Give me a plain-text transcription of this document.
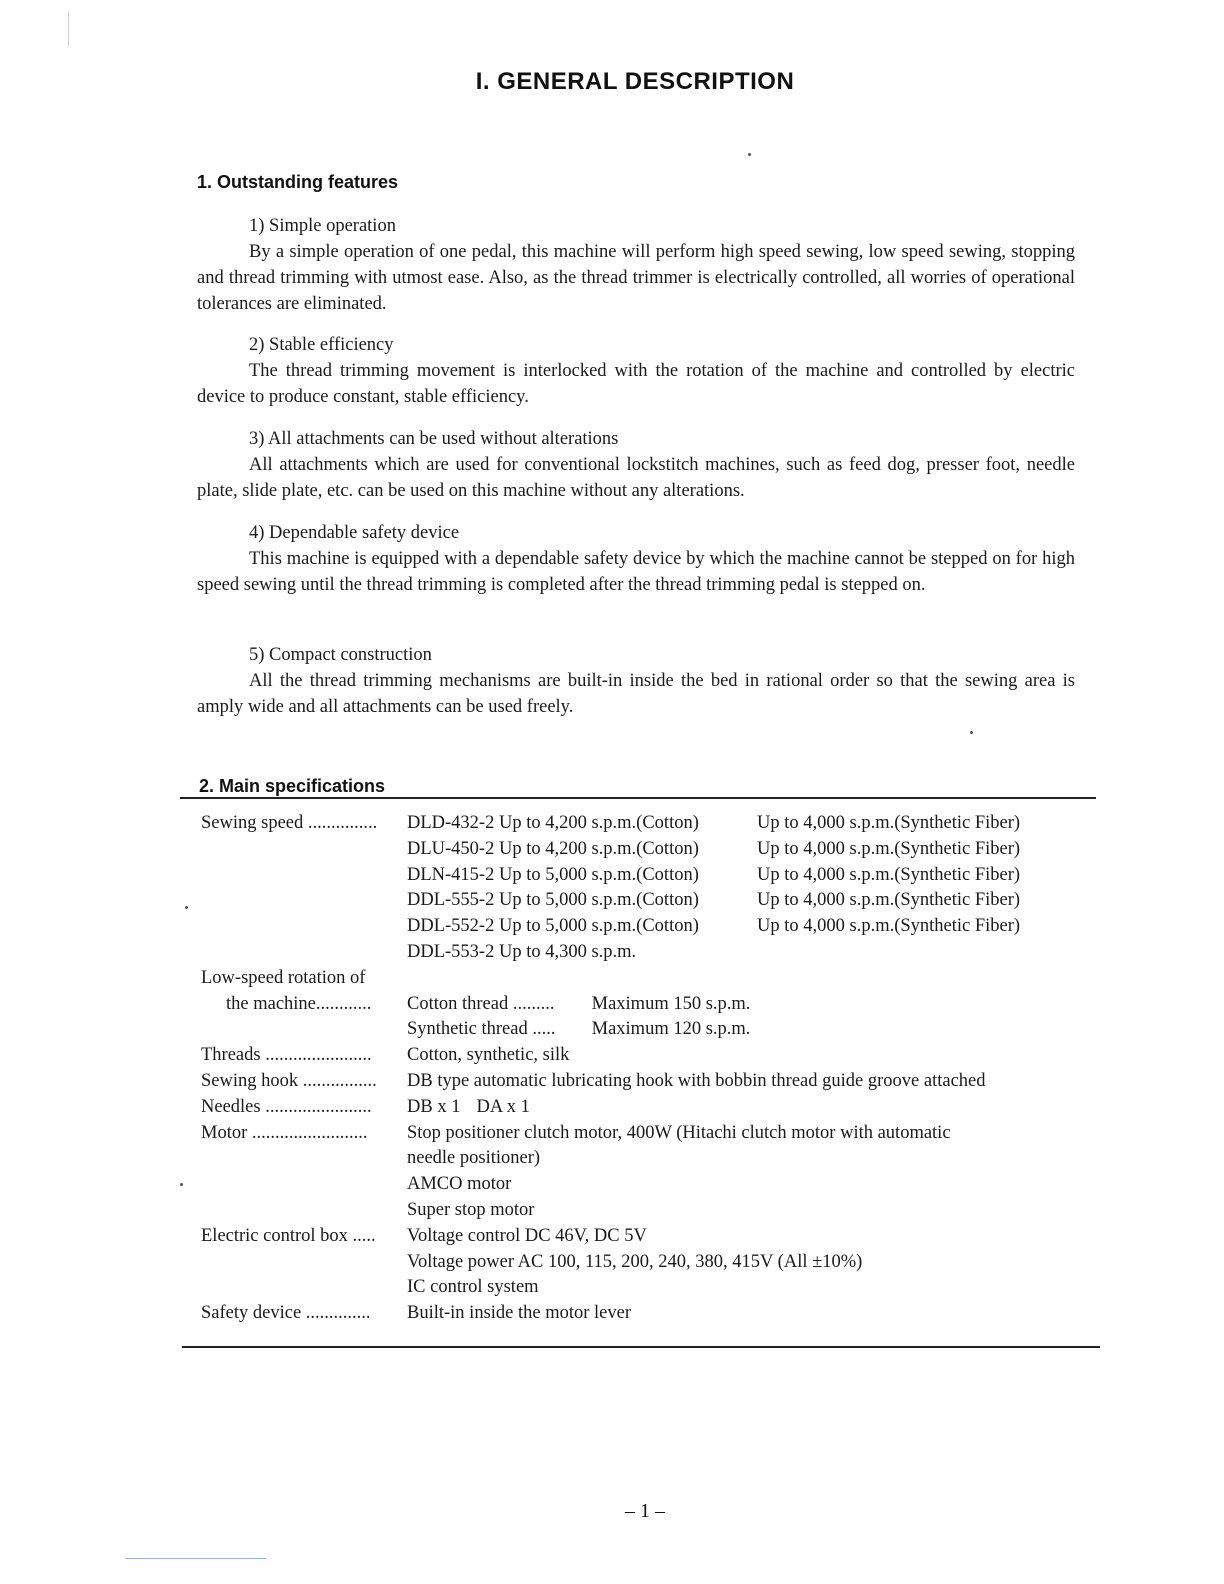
I. GENERAL DESCRIPTION
1. Outstanding features
1) Simple operation
By a simple operation of one pedal, this machine will perform high speed sewing, low speed sewing, stopping and thread trimming with utmost ease. Also, as the thread trimmer is electrically controlled, all worries of operational tolerances are eliminated.
2) Stable efficiency
The thread trimming movement is interlocked with the rotation of the machine and controlled by electric device to produce constant, stable efficiency.
3) All attachments can be used without alterations
All attachments which are used for conventional lockstitch machines, such as feed dog, presser foot, needle plate, slide plate, etc. can be used on this machine without any alterations.
4) Dependable safety device
This machine is equipped with a dependable safety device by which the machine cannot be stepped on for high speed sewing until the thread trimming is completed after the thread trimming pedal is stepped on.
5) Compact construction
All the thread trimming mechanisms are built-in inside the bed in rational order so that the sewing area is amply wide and all attachments can be used freely.
2. Main specifications
Sewing speed ...............	DLD-432-2 Up to 4,200 s.p.m.(Cotton)	Up to 4,000 s.p.m.(Synthetic Fiber)
DLU-450-2 Up to 4,200 s.p.m.(Cotton)	Up to 4,000 s.p.m.(Synthetic Fiber)
DLN-415-2 Up to 5,000 s.p.m.(Cotton)	Up to 4,000 s.p.m.(Synthetic Fiber)
DDL-555-2 Up to 5,000 s.p.m.(Cotton)	Up to 4,000 s.p.m.(Synthetic Fiber)
DDL-552-2 Up to 5,000 s.p.m.(Cotton)	Up to 4,000 s.p.m.(Synthetic Fiber)
DDL-553-2 Up to 4,300 s.p.m.
Low-speed rotation of
the machine............	Cotton thread ......... Maximum 150 s.p.m.
Synthetic thread ..... Maximum 120 s.p.m.
Threads .......................	Cotton, synthetic, silk
Sewing hook ................	DB type automatic lubricating hook with bobbin thread guide groove attached
Needles .......................	DB x 1 DA x 1
Motor .........................	Stop positioner clutch motor, 400W (Hitachi clutch motor with automatic
needle positioner)
AMCO motor
Super stop motor
Electric control box .....	Voltage control DC 46V, DC 5V
Voltage power AC 100, 115, 200, 240, 380, 415V (All ±10%)
IC control system
Safety device ..............	Built-in inside the motor lever
– 1 –
